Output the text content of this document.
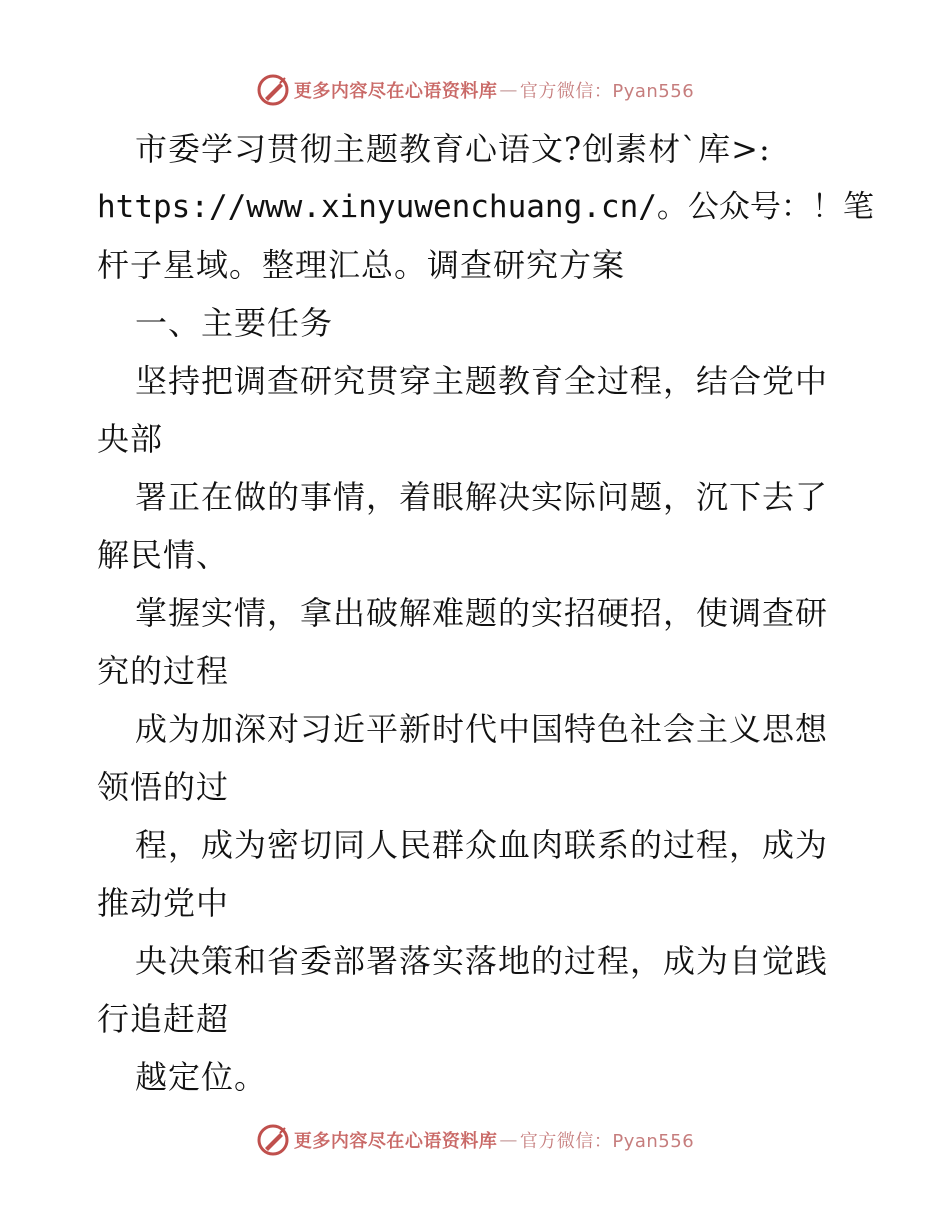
更多内容尽在心语资料库 — 官方微信：Pyan556
市委学习贯彻主题教育心语文?创素材`库>:
https://www.xinyuwenchuang.cn/。公众号：！笔
杆子星域。整理汇总。调查研究方案
一、主要任务
坚持把调查研究贯穿主题教育全过程，结合党中
央部
署正在做的事情，着眼解决实际问题，沉下去了
解民情、
掌握实情，拿出破解难题的实招硬招，使调查研
究的过程
成为加深对习近平新时代中国特色社会主义思想
领悟的过
程，成为密切同人民群众血肉联系的过程，成为
推动党中
央决策和省委部署落实落地的过程，成为自觉践
行追赶超
越定位。
更多内容尽在心语资料库 — 官方微信：Pyan556
